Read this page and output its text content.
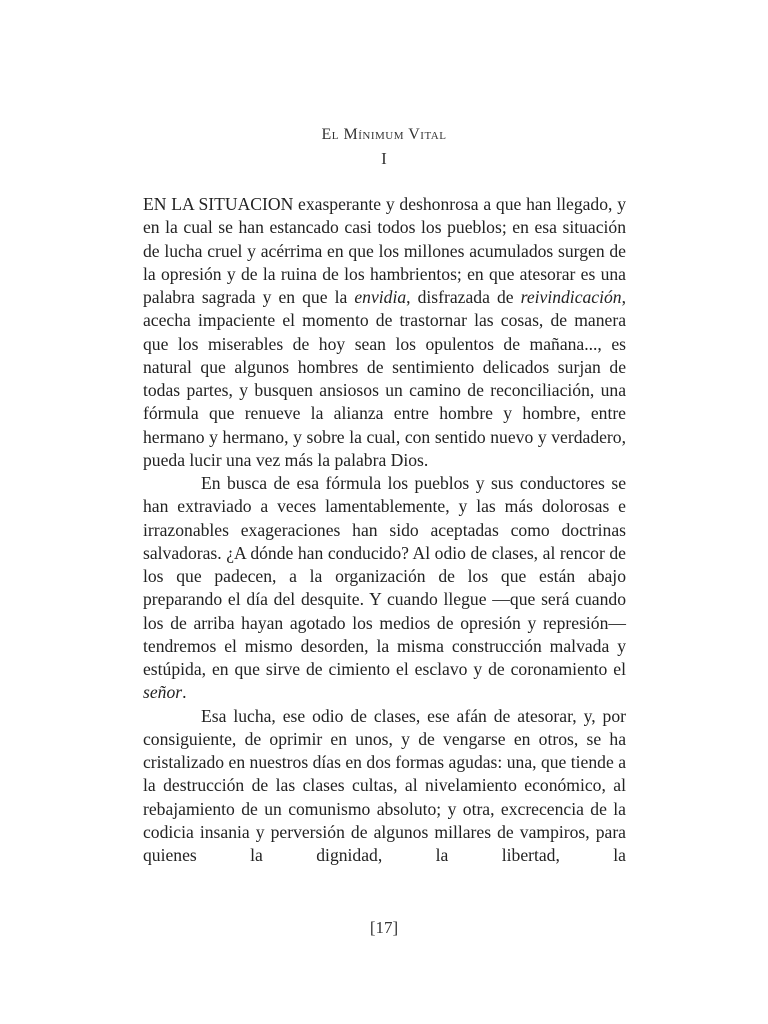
El Mínimum Vital
I

EN LA SITUACION exasperante y deshonrosa a que han llegado, y en la cual se han estancado casi todos los pueblos; en esa situación de lucha cruel y acérrima en que los millones acumulados surgen de la opresión y de la ruina de los hambrientos; en que atesorar es una palabra sagrada y en que la envidia, disfrazada de reivindicación, acecha impaciente el momento de trastornar las cosas, de manera que los miserables de hoy sean los opulentos de mañana..., es natural que algunos hombres de sentimiento delicados surjan de todas partes, y busquen ansiosos un camino de reconciliación, una fórmula que renueve la alianza entre hombre y hombre, entre hermano y hermano, y sobre la cual, con sentido nuevo y verdadero, pueda lucir una vez más la palabra Dios.

En busca de esa fórmula los pueblos y sus conductores se han extraviado a veces lamentablemente, y las más dolorosas e irrazonables exageraciones han sido aceptadas como doctrinas salvadoras. ¿A dónde han conducido? Al odio de clases, al rencor de los que padecen, a la organización de los que están abajo preparando el día del desquite. Y cuando llegue —que será cuando los de arriba hayan agotado los medios de opresión y represión— tendremos el mismo desorden, la misma construcción malvada y estúpida, en que sirve de cimiento el esclavo y de coronamiento el señor.

Esa lucha, ese odio de clases, ese afán de atesorar, y, por consiguiente, de oprimir en unos, y de vengarse en otros, se ha cristalizado en nuestros días en dos formas agudas: una, que tiende a la destrucción de las clases cultas, al nivelamiento económico, al rebajamiento de un comunismo absoluto; y otra, excrecencia de la codicia insania y perversión de algunos millares de vampiros, para quienes la dignidad, la libertad, la

[17]
